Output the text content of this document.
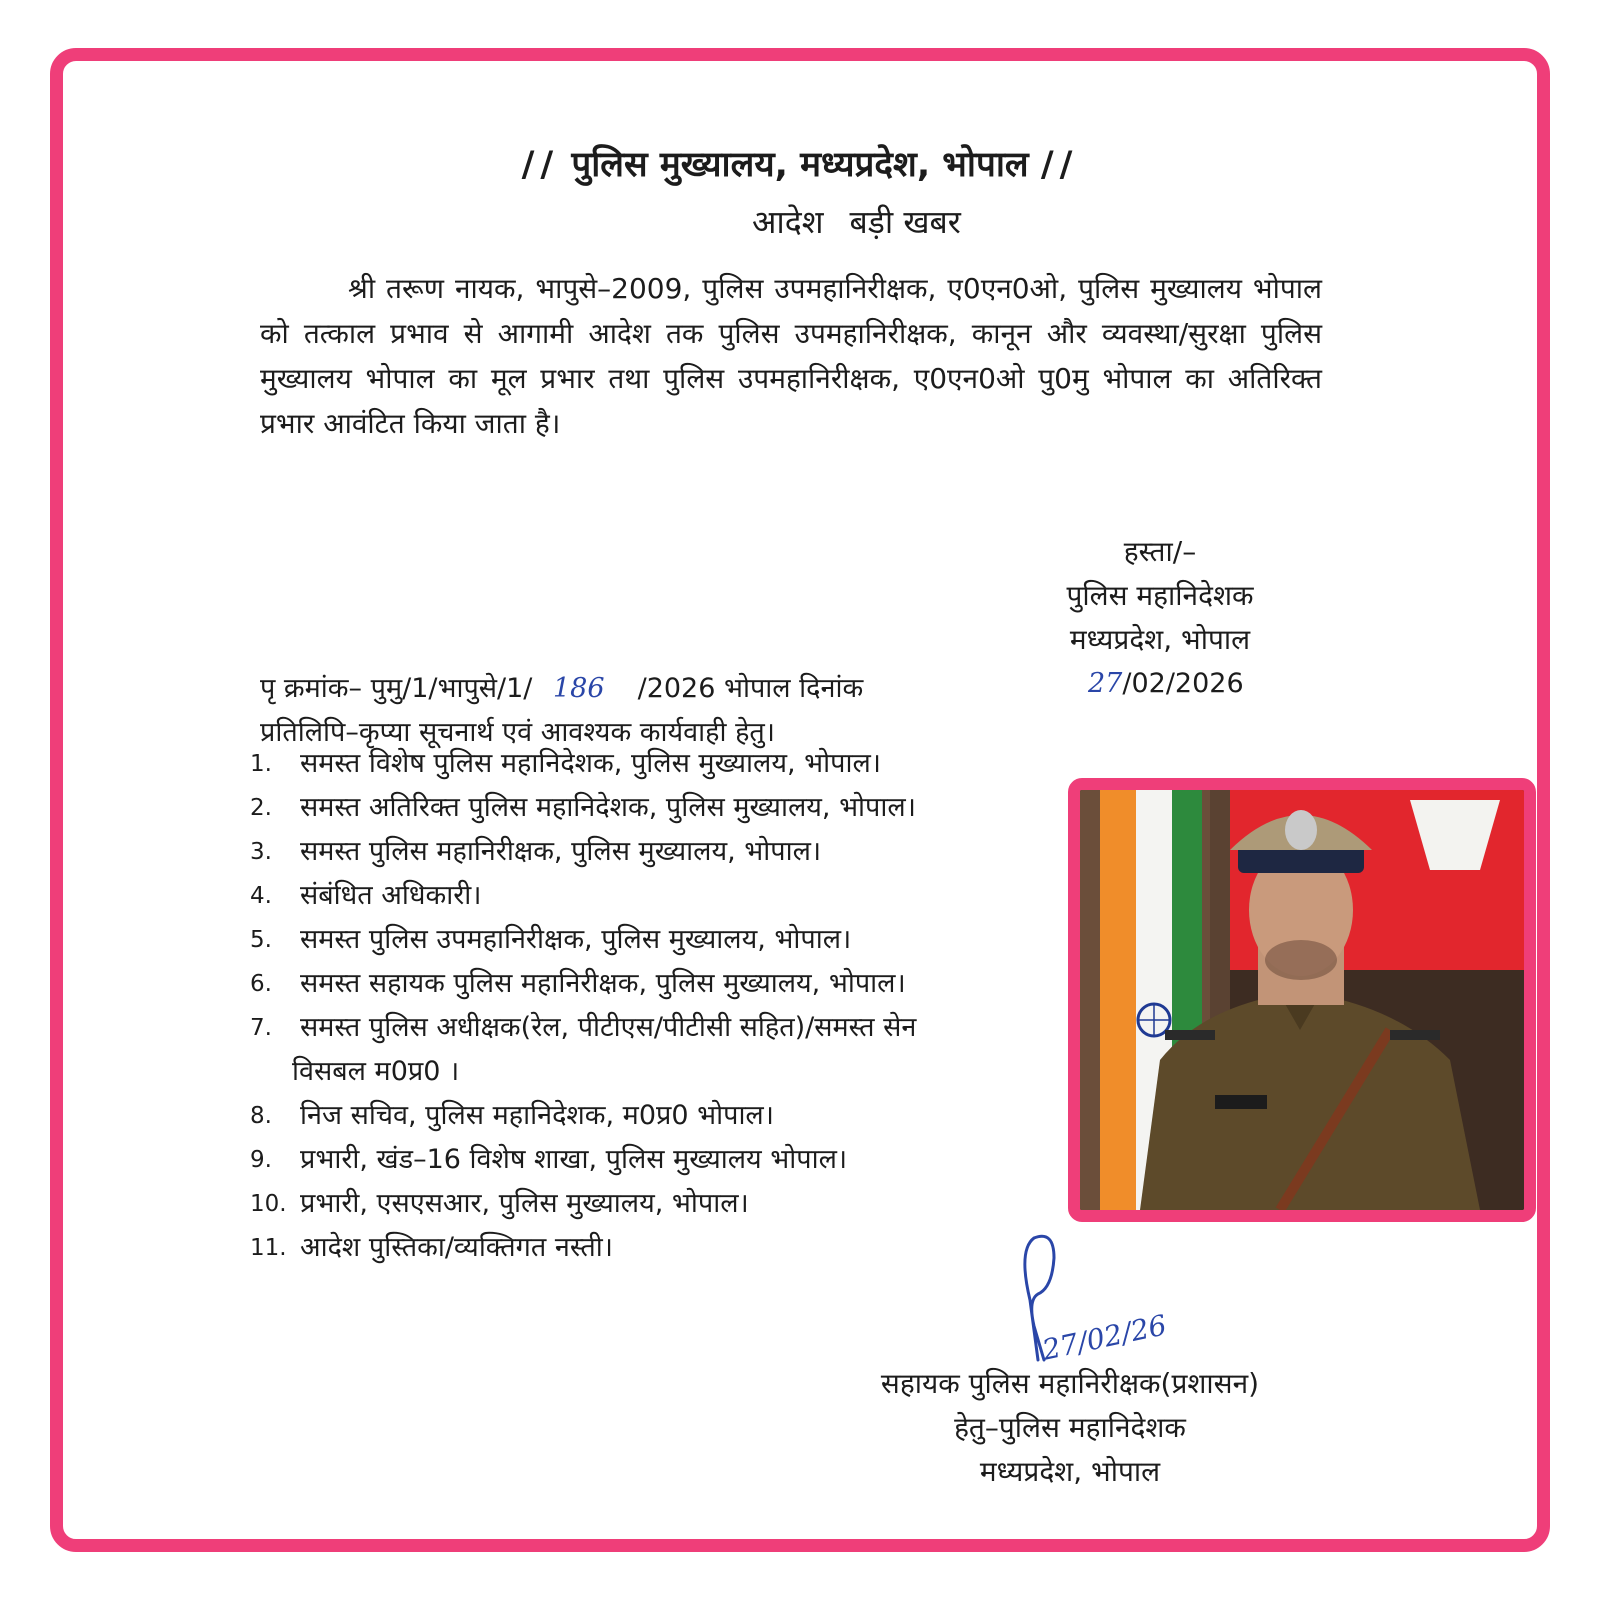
// पुलिस मुख्यालय, मध्यप्रदेश, भोपाल //
आदेश बड़ी खबर
श्री तरूण नायक, भापुसे–2009, पुलिस उपमहानिरीक्षक, ए0एन0ओ, पुलिस मुख्यालय भोपाल को तत्काल प्रभाव से आगामी आदेश तक पुलिस उपमहानिरीक्षक, कानून और व्यवस्था/सुरक्षा पुलिस मुख्यालय भोपाल का मूल प्रभार तथा पुलिस उपमहानिरीक्षक, ए0एन0ओ पु0मु भोपाल का अतिरिक्त प्रभार आवंटित किया जाता है।
हस्ता/–
पुलिस महानिदेशक
मध्यप्रदेश, भोपाल
पृ क्रमांक– पुमु/1/भापुसे/1/ 186 /2026 भोपाल दिनांक	27/02/2026
प्रतिलिपि–कृप्या सूचनार्थ एवं आवश्यक कार्यवाही हेतु।
1. समस्त विशेष पुलिस महानिदेशक, पुलिस मुख्यालय, भोपाल।
2. समस्त अतिरिक्त पुलिस महानिदेशक, पुलिस मुख्यालय, भोपाल।
3. समस्त पुलिस महानिरीक्षक, पुलिस मुख्यालय, भोपाल।
4. संबंधित अधिकारी।
5. समस्त पुलिस उपमहानिरीक्षक, पुलिस मुख्यालय, भोपाल।
6. समस्त सहायक पुलिस महानिरीक्षक, पुलिस मुख्यालय, भोपाल।
7. समस्त पुलिस अधीक्षक(रेल, पीटीएस/पीटीसी सहित)/समस्त सेन
विसबल म0प्र0 ।
8. निज सचिव, पुलिस महानिदेशक, म0प्र0 भोपाल।
9. प्रभारी, खंड–16 विशेष शाखा, पुलिस मुख्यालय भोपाल।
10. प्रभारी, एसएसआर, पुलिस मुख्यालय, भोपाल।
11. आदेश पुस्तिका/व्यक्तिगत नस्ती।
27/02/26
सहायक पुलिस महानिरीक्षक(प्रशासन)
हेतु–पुलिस महानिदेशक
मध्यप्रदेश, भोपाल
